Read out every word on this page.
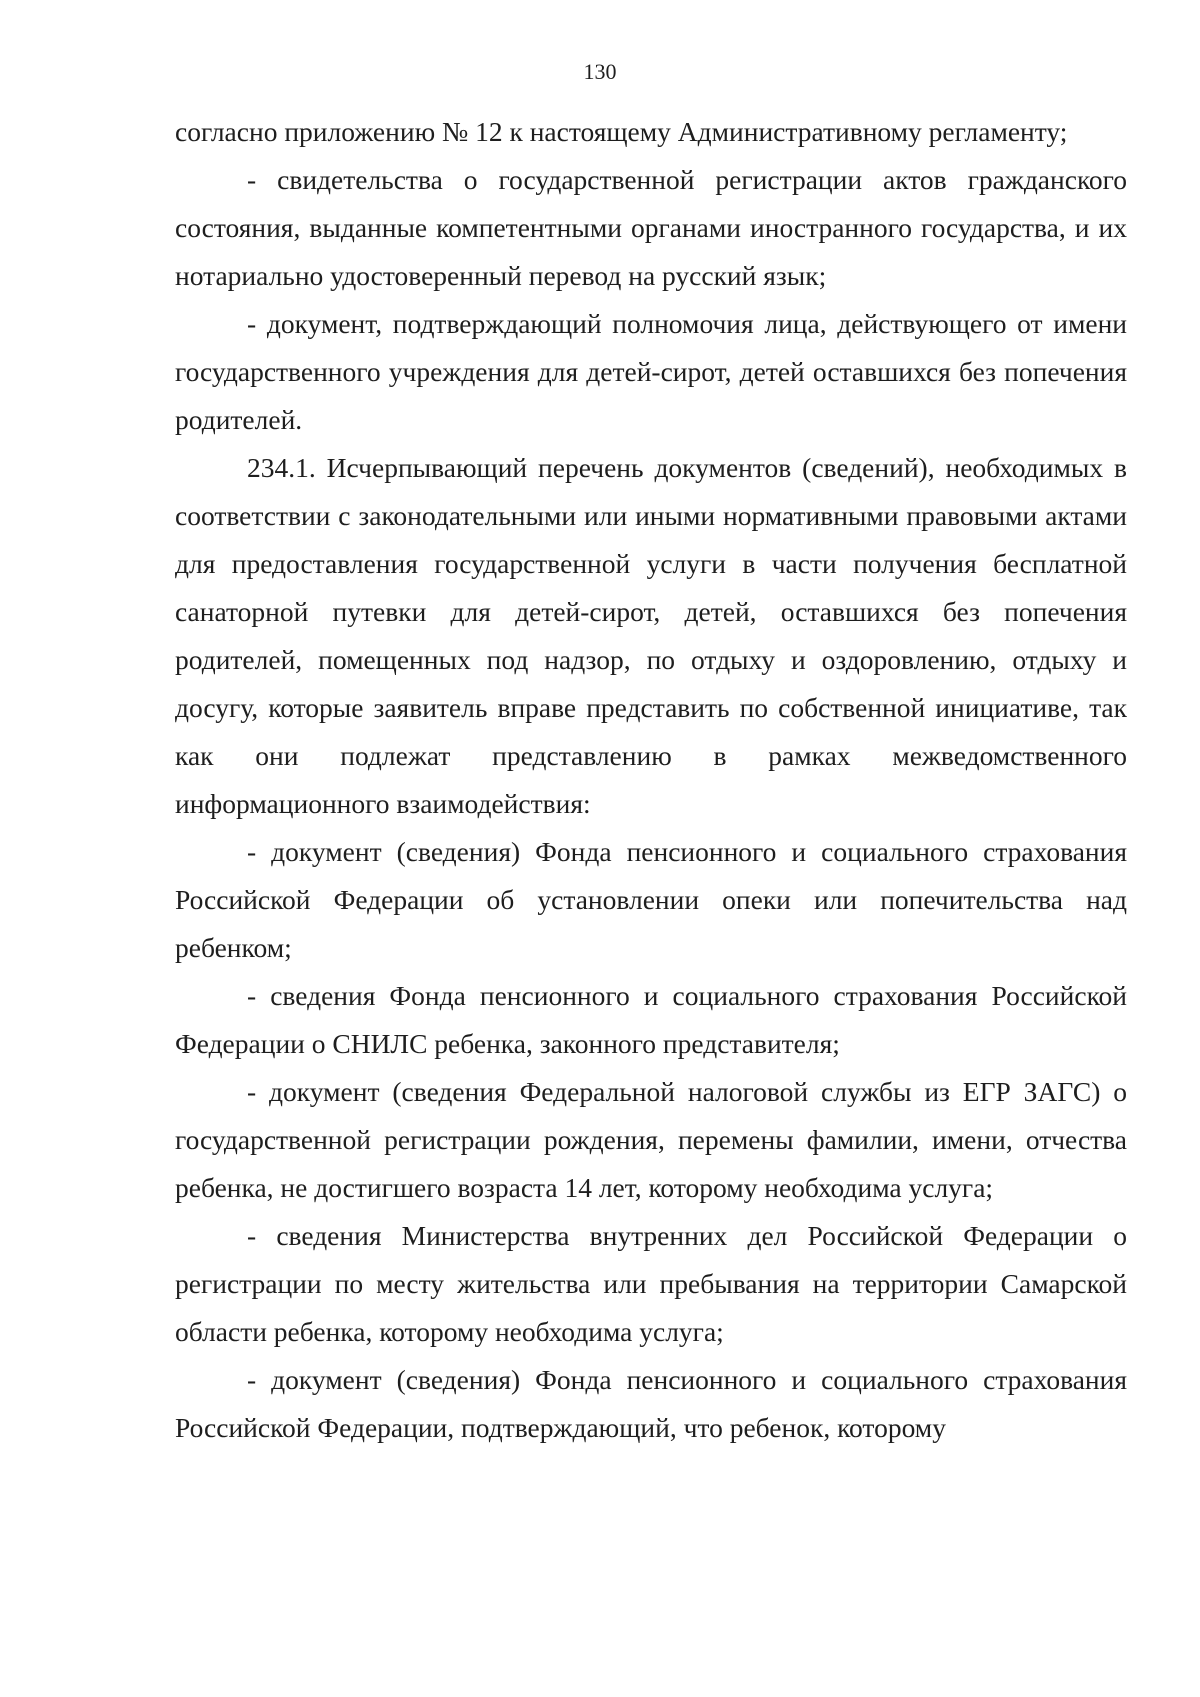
130

согласно приложению № 12 к настоящему Административному регламенту;

- свидетельства о государственной регистрации актов гражданского состояния, выданные компетентными органами иностранного государства, и их нотариально удостоверенный перевод на русский язык;

- документ, подтверждающий полномочия лица, действующего от имени государственного учреждения для детей-сирот, детей оставшихся без попечения родителей.

234.1. Исчерпывающий перечень документов (сведений), необходимых в соответствии с законодательными или иными нормативными правовыми актами для предоставления государственной услуги в части получения бесплатной санаторной путевки для детей-сирот, детей, оставшихся без попечения родителей, помещенных под надзор, по отдыху и оздоровлению, отдыху и досугу, которые заявитель вправе представить по собственной инициативе, так как они подлежат представлению в рамках межведомственного информационного взаимодействия:

- документ (сведения) Фонда пенсионного и социального страхования Российской Федерации об установлении опеки или попечительства над ребенком;

- сведения Фонда пенсионного и социального страхования Российской Федерации о СНИЛС ребенка, законного представителя;

- документ (сведения Федеральной налоговой службы из ЕГР ЗАГС) о государственной регистрации рождения, перемены фамилии, имени, отчества ребенка, не достигшего возраста 14 лет, которому необходима услуга;

- сведения Министерства внутренних дел Российской Федерации о регистрации по месту жительства или пребывания на территории Самарской области ребенка, которому необходима услуга;

- документ (сведения) Фонда пенсионного и социального страхования Российской Федерации, подтверждающий, что ребенок, которому
